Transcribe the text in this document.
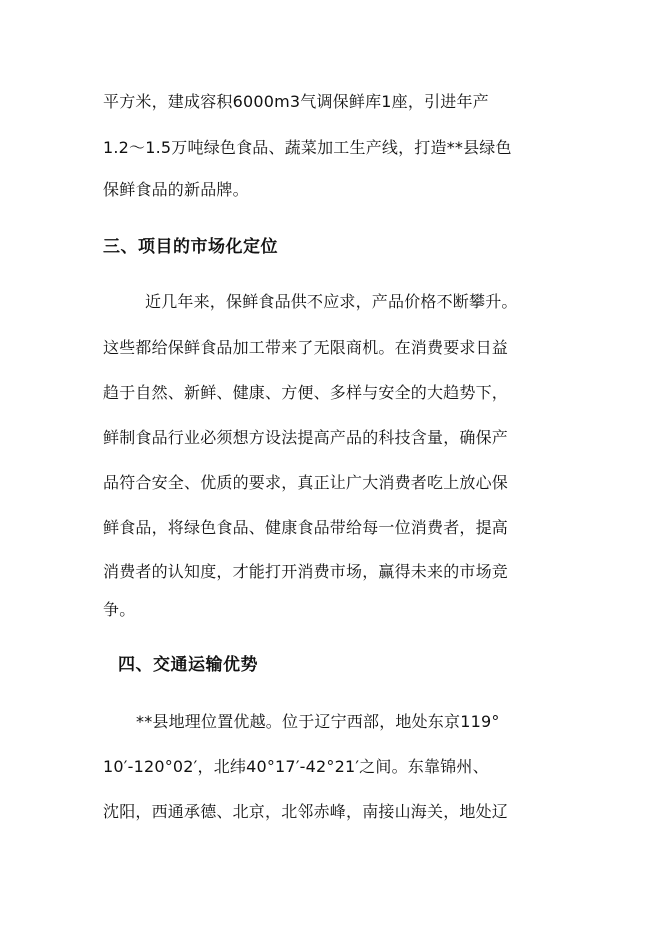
平方米，建成容积6000m3气调保鲜库1座，引进年产
1.2～1.5万吨绿色食品、蔬菜加工生产线，打造**县绿色
保鲜食品的新品牌。
三、项目的市场化定位
近几年来，保鲜食品供不应求，产品价格不断攀升。
这些都给保鲜食品加工带来了无限商机。在消费要求日益
趋于自然、新鲜、健康、方便、多样与安全的大趋势下，
鲜制食品行业必须想方设法提高产品的科技含量，确保产
品符合安全、优质的要求，真正让广大消费者吃上放心保
鲜食品，将绿色食品、健康食品带给每一位消费者，提高
消费者的认知度，才能打开消费市场，赢得未来的市场竞
争。
四、交通运输优势
**县地理位置优越。位于辽宁西部，地处东京119°
10′-120°02′，北纬40°17′-42°21′之间。东靠锦州、
沈阳，西通承德、北京，北邻赤峰，南接山海关，地处辽
